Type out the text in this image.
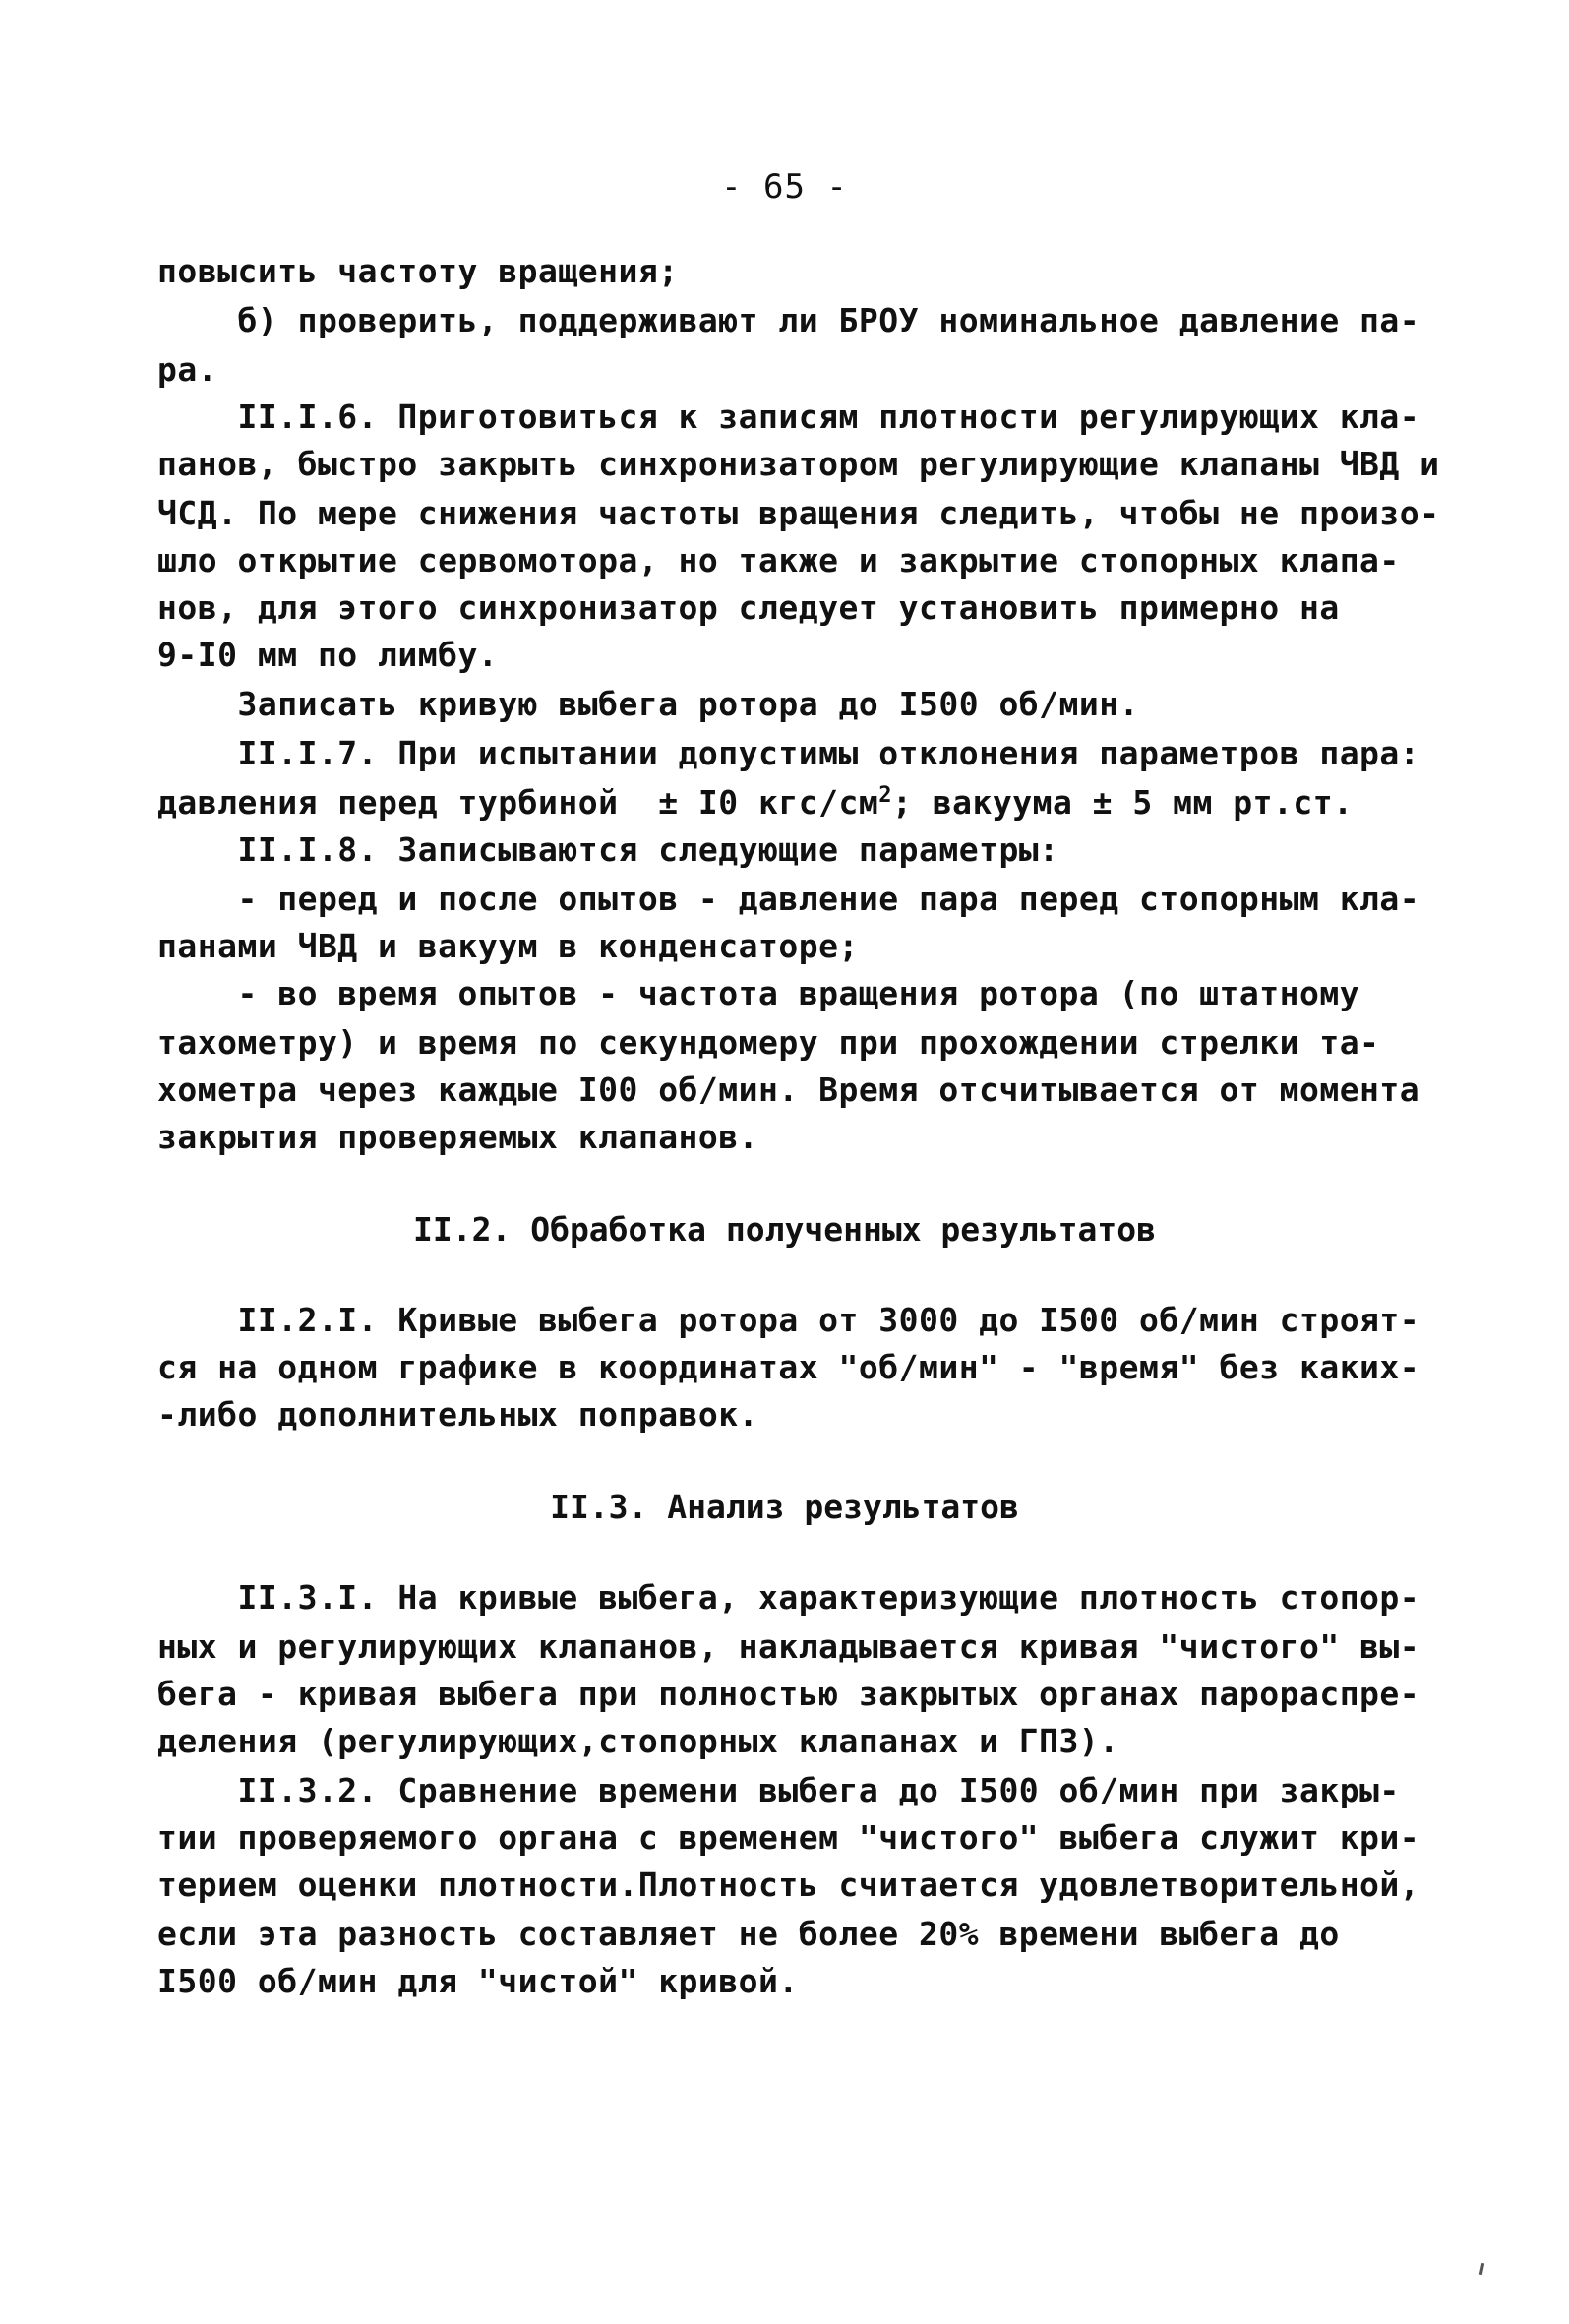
- 65 -
повысить частоту вращения;
б) проверить, поддерживают ли БРОУ номинальное давление па-
ра.
II.I.6. Приготовиться к записям плотности регулирующих кла-
панов, быстро закрыть синхронизатором регулирующие клапаны ЧВД и
ЧСД. По мере снижения частоты вращения следить, чтобы не произо-
шло открытие сервомотора, но также и закрытие стопорных клапа-
нов, для этого синхронизатор следует установить примерно на
9-I0 мм по лимбу.
Записать кривую выбега ротора до I500 об/мин.
II.I.7. При испытании допустимы отклонения параметров пара:
давления перед турбиной  ± I0 кгс/$см^2$; вакуума ± 5 мм рт.ст.
II.I.8. Записываются следующие параметры:
- перед и после опытов - давление пара перед стопорным кла-
панами ЧВД и вакуум в конденсаторе;
- во время опытов - частота вращения ротора (по штатному
тахометру) и время по секундомеру при прохождении стрелки та-
хометра через каждые I00 об/мин. Время отсчитывается от момента
закрытия проверяемых клапанов.
II.2. Обработка полученных результатов
II.2.I. Кривые выбега ротора от 3000 до I500 об/мин строят-
ся на одном графике в координатах "об/мин" - "время" без каких-
-либо дополнительных поправок.
II.3. Анализ результатов
II.3.I. На кривые выбега, характеризующие плотность стопор-
ных и регулирующих клапанов, накладывается кривая "чистого" вы-
бега - кривая выбега при полностью закрытых органах парораспре-
деления (регулирующих,стопорных клапанах и ГПЗ).
II.3.2. Сравнение времени выбега до I500 об/мин при закры-
тии проверяемого органа с временем "чистого" выбега служит кри-
терием оценки плотности.Плотность считается удовлетворительной,
если эта разность составляет не более 20% времени выбега до
I500 об/мин для "чистой" кривой.
